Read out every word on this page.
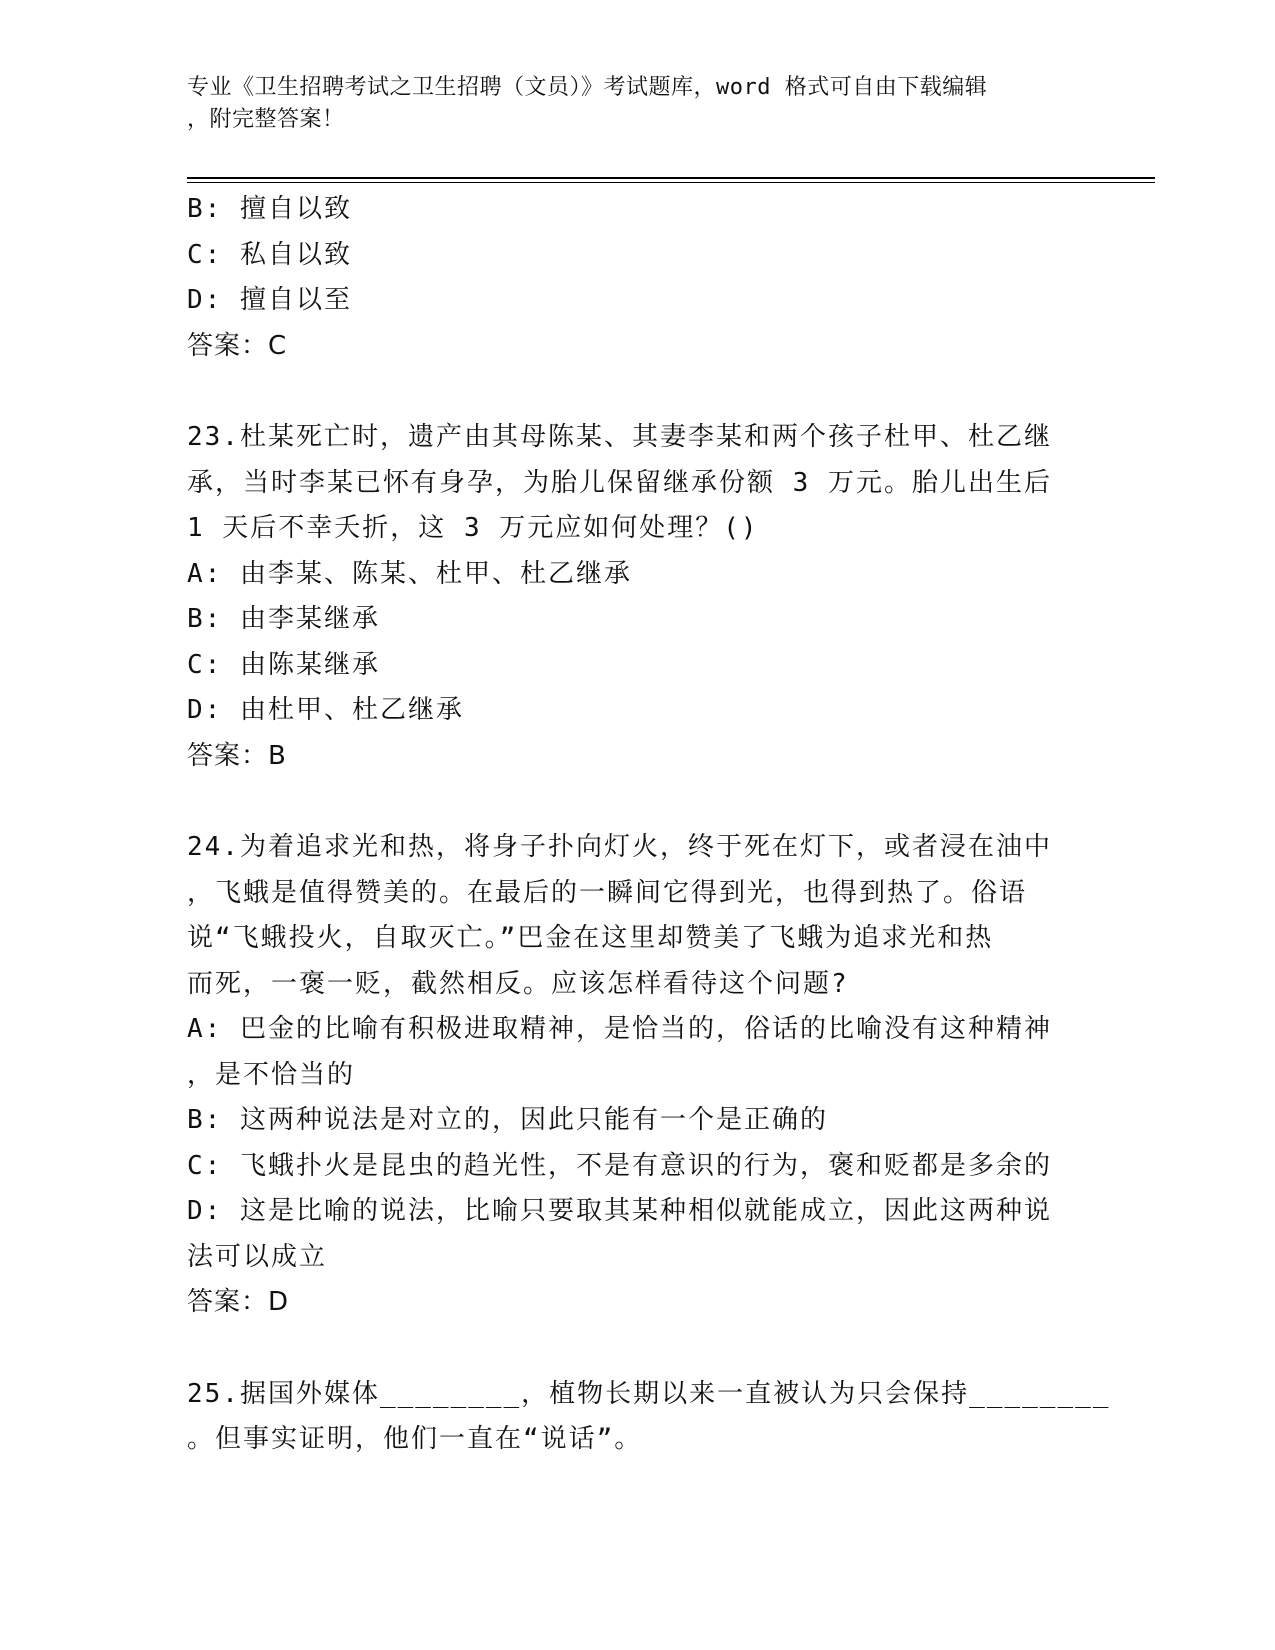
专业《卫生招聘考试之卫生招聘（文员）》考试题库，word 格式可自由下载编辑
，附完整答案！
B: 擅自以致
C: 私自以致
D: 擅自以至
答案：C
23.杜某死亡时，遗产由其母陈某、其妻李某和两个孩子杜甲、杜乙继
承，当时李某已怀有身孕，为胎儿保留继承份额 3 万元。胎儿出生后
1 天后不幸夭折，这 3 万元应如何处理？()
A: 由李某、陈某、杜甲、杜乙继承
B: 由李某继承
C: 由陈某继承
D: 由杜甲、杜乙继承
答案：B
24.为着追求光和热，将身子扑向灯火，终于死在灯下，或者浸在油中
，飞蛾是值得赞美的。在最后的一瞬间它得到光，也得到热了。俗语
说“飞蛾投火，自取灭亡。”巴金在这里却赞美了飞蛾为追求光和热
而死，一褒一贬，截然相反。应该怎样看待这个问题?
A: 巴金的比喻有积极进取精神，是恰当的，俗话的比喻没有这种精神
，是不恰当的
B: 这两种说法是对立的，因此只能有一个是正确的
C: 飞蛾扑火是昆虫的趋光性，不是有意识的行为，褒和贬都是多余的
D: 这是比喻的说法，比喻只要取其某种相似就能成立，因此这两种说
法可以成立
答案：D
25.据国外媒体________，植物长期以来一直被认为只会保持________
。但事实证明，他们一直在“说话”。
